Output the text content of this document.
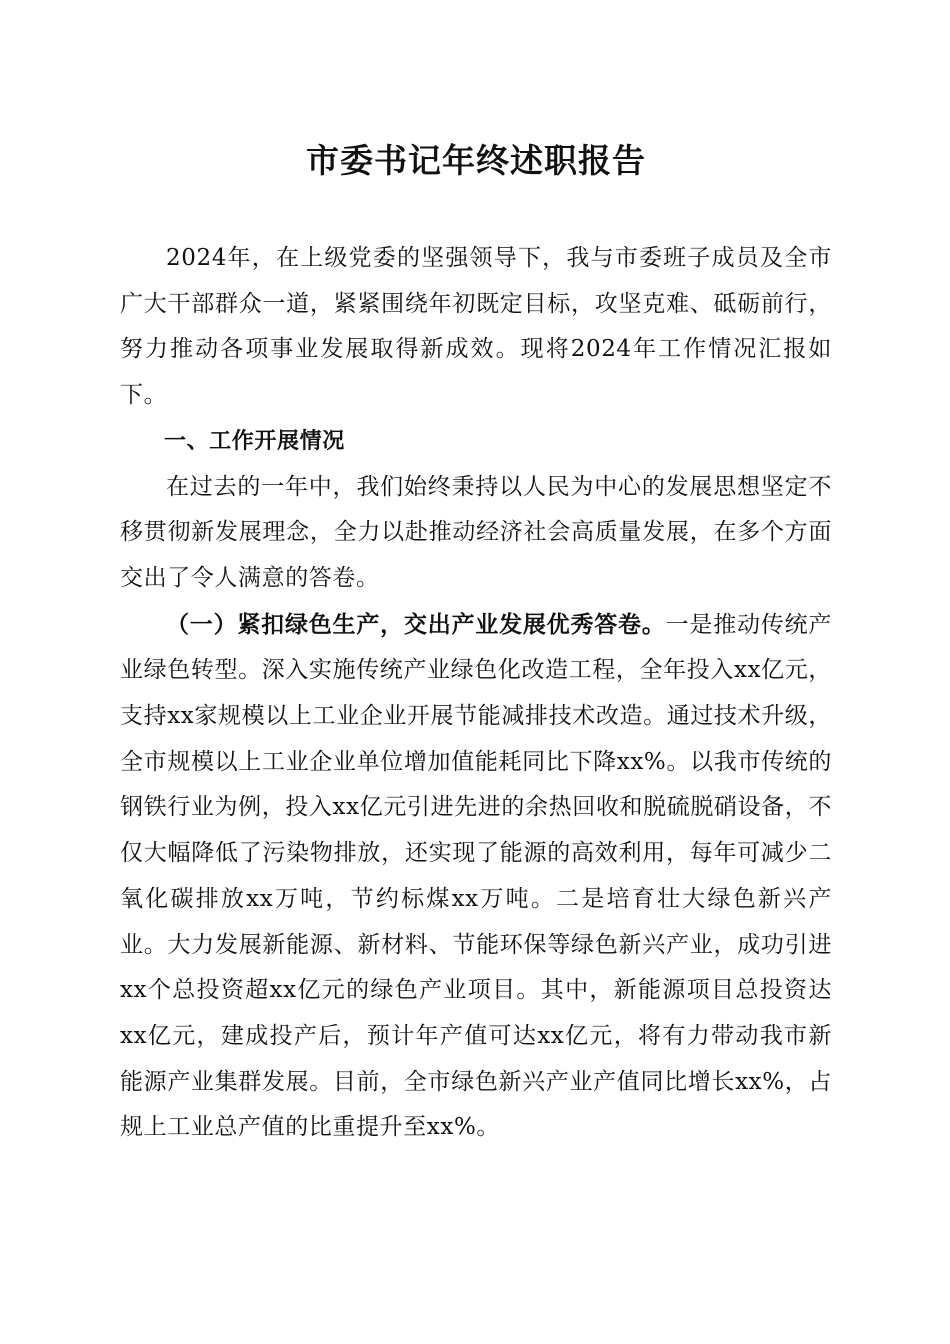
市委书记年终述职报告

2024年，在上级党委的坚强领导下，我与市委班子成员及全市广大干部群众一道，紧紧围绕年初既定目标，攻坚克难、砥砺前行，努力推动各项事业发展取得新成效。现将2024年工作情况汇报如下。

一、工作开展情况

在过去的一年中，我们始终秉持以人民为中心的发展思想坚定不移贯彻新发展理念，全力以赴推动经济社会高质量发展，在多个方面交出了令人满意的答卷。

（一）紧扣绿色生产，交出产业发展优秀答卷。一是推动传统产业绿色转型。深入实施传统产业绿色化改造工程，全年投入xx亿元，支持xx家规模以上工业企业开展节能减排技术改造。通过技术升级，全市规模以上工业企业单位增加值能耗同比下降xx%。以我市传统的钢铁行业为例，投入xx亿元引进先进的余热回收和脱硫脱硝设备，不仅大幅降低了污染物排放，还实现了能源的高效利用，每年可减少二氧化碳排放xx万吨，节约标煤xx万吨。二是培育壮大绿色新兴产业。大力发展新能源、新材料、节能环保等绿色新兴产业，成功引进xx个总投资超xx亿元的绿色产业项目。其中，新能源项目总投资达xx亿元，建成投产后，预计年产值可达xx亿元，将有力带动我市新能源产业集群发展。目前，全市绿色新兴产业产值同比增长xx%，占规上工业总产值的比重提升至xx%。
